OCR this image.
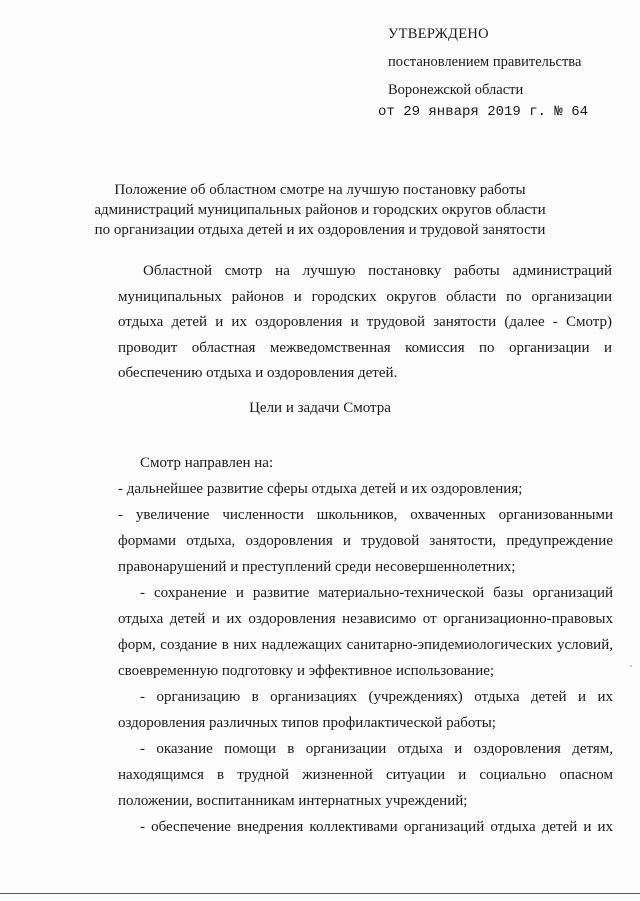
УТВЕРЖДЕНО
постановлением правительства
Воронежской области
от 29 января 2019 г. № 64
Положение об областном смотре на лучшую постановку работы администраций муниципальных районов и городских округов области по организации отдыха детей и их оздоровления и трудовой занятости
Областной смотр на лучшую постановку работы администраций муниципальных районов и городских округов области по организации отдыха детей и их оздоровления и трудовой занятости (далее - Смотр) проводит областная межведомственная комиссия по организации и обеспечению отдыха и оздоровления детей.
Цели и задачи Смотра

Смотр направлен на:

- дальнейшее развитие сферы отдыха детей и их оздоровления;

- увеличение численности школьников, охваченных организованными формами отдыха, оздоровления и трудовой занятости, предупреждение правонарушений и преступлений среди несовершеннолетних;

- сохранение и развитие материально-технической базы организаций отдыха детей и их оздоровления независимо от организационно-правовых форм, создание в них надлежащих санитарно-эпидемиологических условий, своевременную подготовку и эффективное использование;

- организацию в организациях (учреждениях) отдыха детей и их оздоровления различных типов профилактической работы;

- оказание помощи в организации отдыха и оздоровления детям, находящимся в трудной жизненной ситуации и социально опасном положении, воспитанникам интернатных учреждений;

- обеспечение внедрения коллективами организаций отдыха детей и их
